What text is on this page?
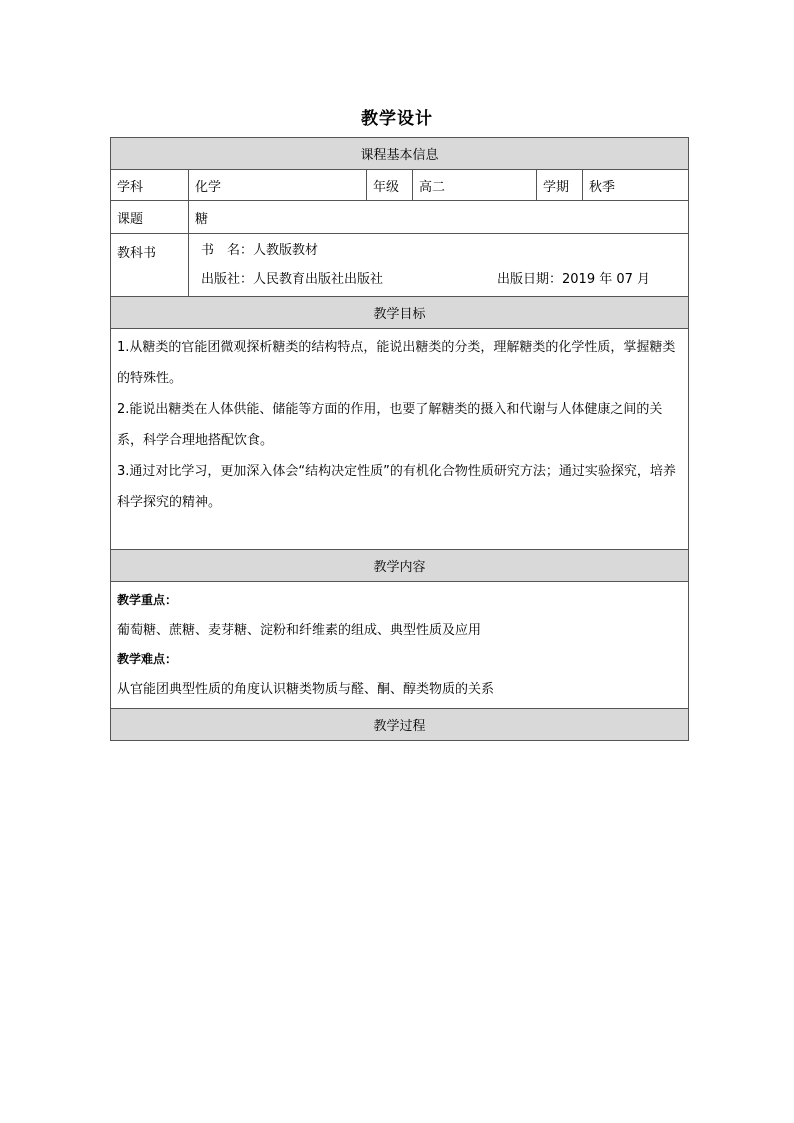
教学设计
课程基本信息					
学科	化学	年级	高二	学期	秋季
课题	糖				
教科书	书　名：人教版教材
出版社：人民教育出版社出版社 出版日期：2019 年 07 月				

教学目标					

1.从糖类的官能团微观探析糖类的结构特点，能说出糖类的分类，理解糖类的化学性质，掌握糖类的特殊性。

2.能说出糖类在人体供能、储能等方面的作用，也要了解糖类的摄入和代谢与人体健康之间的关系，科学合理地搭配饮食。

3.通过对比学习，更加深入体会“结构决定性质”的有机化合物性质研究方法；通过实验探究，培养科学探究的精神。					

教学内容					

教学重点：

葡萄糖、蔗糖、麦芽糖、淀粉和纤维素的组成、典型性质及应用

教学难点：

从官能团典型性质的角度认识糖类物质与醛、酮、醇类物质的关系					

教学过程					
